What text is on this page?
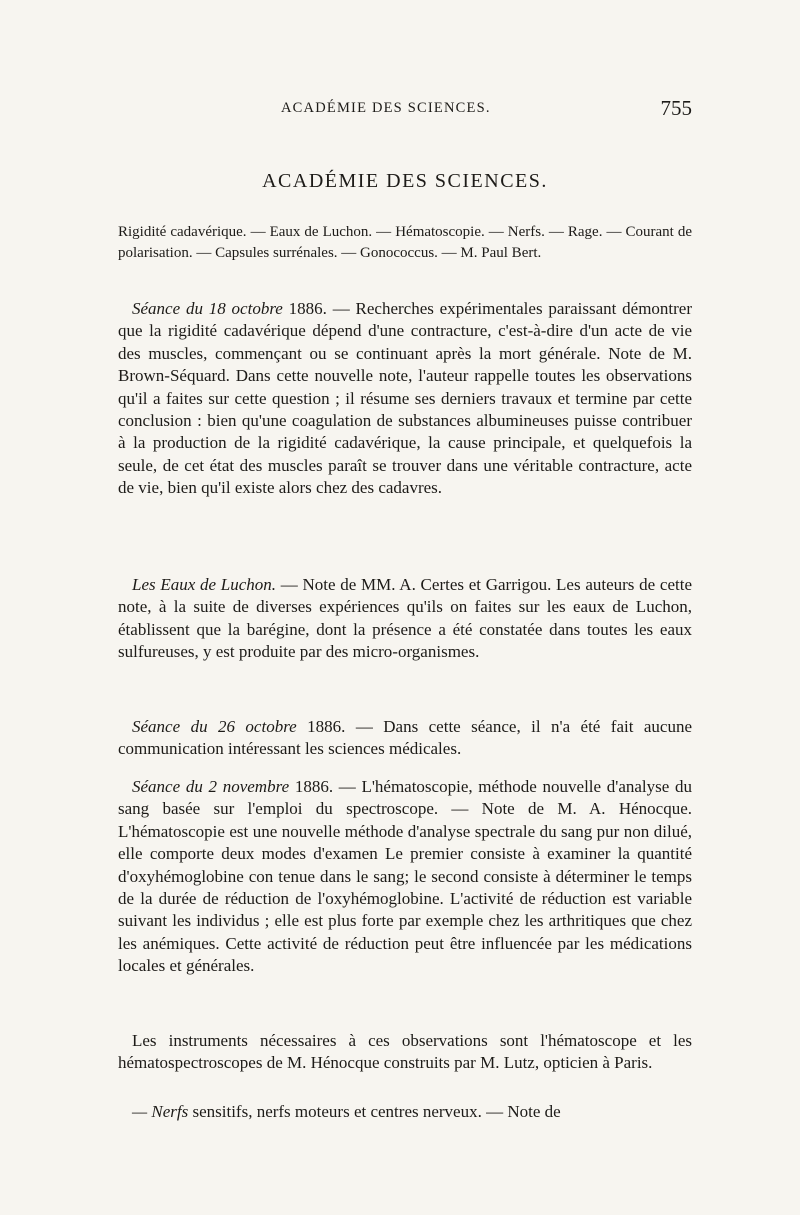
ACADÉMIE DES SCIENCES.	755
ACADÉMIE DES SCIENCES.
Rigidité cadavérique. — Eaux de Luchon. — Hématoscopie. — Nerfs. — Rage. — Courant de polarisation. — Capsules surrénales. — Gonococcus. — M. Paul Bert.

Séance du 18 octobre 1886. — Recherches expérimentales paraissant démontrer que la rigidité cadavérique dépend d'une contracture, c'est-à-dire d'un acte de vie des muscles, commençant ou se continuant après la mort générale. Note de M. Brown-Séquard. Dans cette nouvelle note, l'auteur rappelle toutes les observations qu'il a faites sur cette question ; il résume ses derniers travaux et termine par cette conclusion : bien qu'une coagulation de substances albumineuses puisse contribuer à la production de la rigidité cadavérique, la cause principale, et quelquefois la seule, de cet état des muscles paraît se trouver dans une véritable contracture, acte de vie, bien qu'il existe alors chez des cadavres.

Les Eaux de Luchon. — Note de MM. A. Certes et Garrigou. Les auteurs de cette note, à la suite de diverses expériences qu'ils on faites sur les eaux de Luchon, établissent que la barégine, dont la présence a été constatée dans toutes les eaux sulfureuses, y est produite par des micro-organismes.

Séance du 26 octobre 1886. — Dans cette séance, il n'a été fait aucune communication intéressant les sciences médicales.

Séance du 2 novembre 1886. — L'hématoscopie, méthode nouvelle d'analyse du sang basée sur l'emploi du spectroscope. — Note de M. A. Hénocque. L'hématoscopie est une nouvelle méthode d'analyse spectrale du sang pur non dilué, elle comporte deux modes d'examen Le premier consiste à examiner la quantité d'oxyhémoglobine con tenue dans le sang; le second consiste à déterminer le temps de la durée de réduction de l'oxyhémoglobine. L'activité de réduction est variable suivant les individus ; elle est plus forte par exemple chez les arthritiques que chez les anémiques. Cette activité de réduction peut être influencée par les médications locales et générales.

Les instruments nécessaires à ces observations sont l'hématoscope et les hématospectroscopes de M. Hénocque construits par M. Lutz, opticien à Paris.

— Nerfs sensitifs, nerfs moteurs et centres nerveux. — Note de
